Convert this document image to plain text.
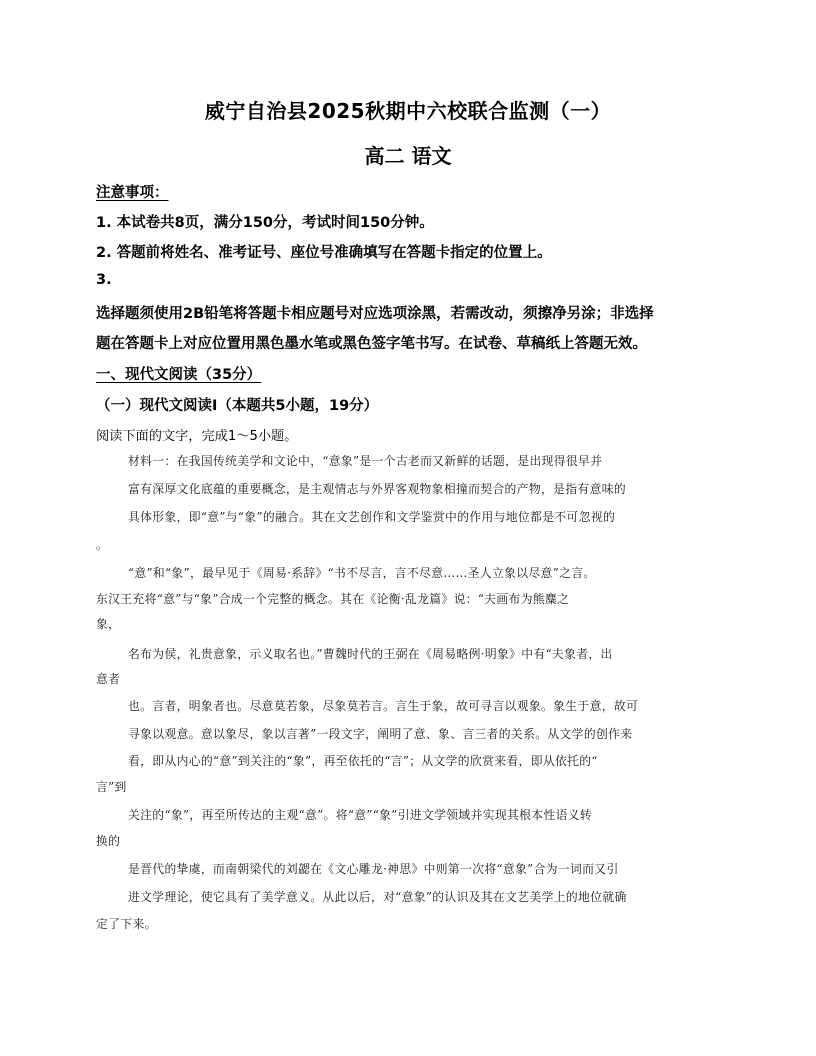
威宁自治县2025秋期中六校联合监测（一）
高二 语文
注意事项：
1. 本试卷共8页，满分150分，考试时间150分钟。
2. 答题前将姓名、准考证号、座位号准确填写在答题卡指定的位置上。
3.
选择题须使用2B铅笔将答题卡相应题号对应选项涂黑，若需改动，须擦净另涂；非选择
题在答题卡上对应位置用黑色墨水笔或黑色签字笔书写。在试卷、草稿纸上答题无效。
一、现代文阅读（35分）
（一）现代文阅读Ⅰ（本题共5小题，19分）
阅读下面的文字，完成1～5小题。
材料一：在我国传统美学和文论中，“意象”是一个古老而又新鲜的话题，是出现得很早并
富有深厚文化底蕴的重要概念，是主观情志与外界客观物象相撞而契合的产物，是指有意味的
具体形象，即“意”与“象”的融合。其在文艺创作和文学鉴赏中的作用与地位都是不可忽视的
。
“意”和“象”，最早见于《周易·系辞》“书不尽言，言不尽意……圣人立象以尽意”之言。
东汉王充将“意”与“象”合成一个完整的概念。其在《论衡·乱龙篇》说：“夫画布为熊麋之
象，
名布为侯，礼贵意象，示义取名也。”曹魏时代的王弼在《周易略例·明象》中有“夫象者，出
意者
也。言者，明象者也。尽意莫若象，尽象莫若言。言生于象，故可寻言以观象。象生于意，故可
寻象以观意。意以象尽，象以言著”一段文字，阐明了意、象、言三者的关系。从文学的创作来
看，即从内心的“意”到关注的“象”，再至依托的“言”；从文学的欣赏来看，即从依托的“
言”到
关注的“象”，再至所传达的主观“意”。将“意”“象”引进文学领域并实现其根本性语义转
换的
是晋代的挚虞，而南朝梁代的刘勰在《文心雕龙·神思》中则第一次将“意象”合为一词而又引
进文学理论，使它具有了美学意义。从此以后，对“意象”的认识及其在文艺美学上的地位就确
定了下来。
